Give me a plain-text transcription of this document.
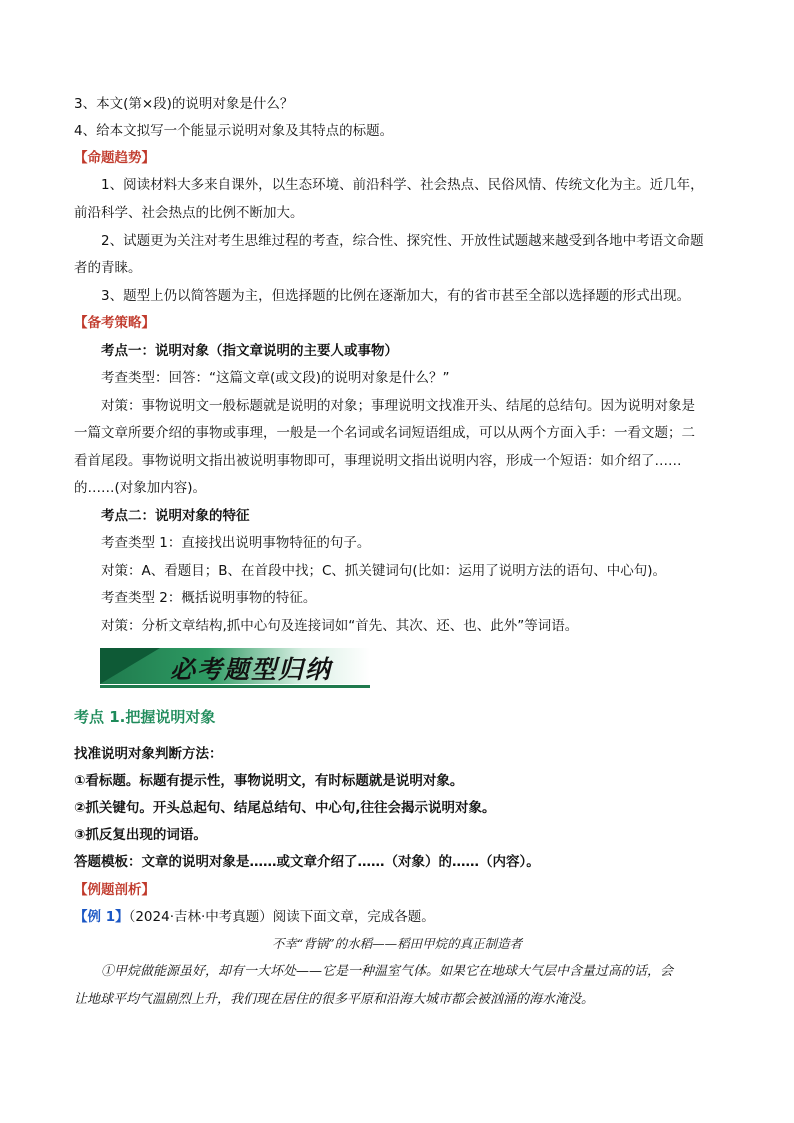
3、本文(第×段)的说明对象是什么？
4、给本文拟写一个能显示说明对象及其特点的标题。
【命题趋势】
1、阅读材料大多来自课外，以生态环境、前沿科学、社会热点、民俗风情、传统文化为主。近几年，
前沿科学、社会热点的比例不断加大。
2、试题更为关注对考生思维过程的考查，综合性、探究性、开放性试题越来越受到各地中考语文命题
者的青睐。
3、题型上仍以简答题为主，但选择题的比例在逐渐加大，有的省市甚至全部以选择题的形式出现。
【备考策略】
考点一：说明对象（指文章说明的主要人或事物）
考查类型：回答：“这篇文章(或文段)的说明对象是什么？”
对策：事物说明文一般标题就是说明的对象；事理说明文找准开头、结尾的总结句。因为说明对象是
一篇文章所要介绍的事物或事理，一般是一个名词或名词短语组成，可以从两个方面入手：一看文题；二
看首尾段。事物说明文指出被说明事物即可，事理说明文指出说明内容，形成一个短语：如介绍了……
的……(对象加内容)。
考点二：说明对象的特征
考查类型 1：直接找出说明事物特征的句子。
对策：A、看题目；B、在首段中找；C、抓关键词句(比如：运用了说明方法的语句、中心句)。
考查类型 2：概括说明事物的特征。
对策：分析文章结构,抓中心句及连接词如“首先、其次、还、也、此外”等词语。
必考题型归纳
考点 1.把握说明对象
找准说明对象判断方法：
①看标题。标题有提示性，事物说明文，有时标题就是说明对象。
②抓关键句。开头总起句、结尾总结句、中心句,往往会揭示说明对象。
③抓反复出现的词语。
答题模板：文章的说明对象是……或文章介绍了……（对象）的……（内容）。
【例题剖析】
【例 1】（2024·吉林·中考真题）阅读下面文章，完成各题。
不幸“背锅”的水稻——稻田甲烷的真正制造者
①甲烷做能源虽好，却有一大坏处——它是一种温室气体。如果它在地球大气层中含量过高的话，会
让地球平均气温剧烈上升，我们现在居住的很多平原和沿海大城市都会被汹涌的海水淹没。
